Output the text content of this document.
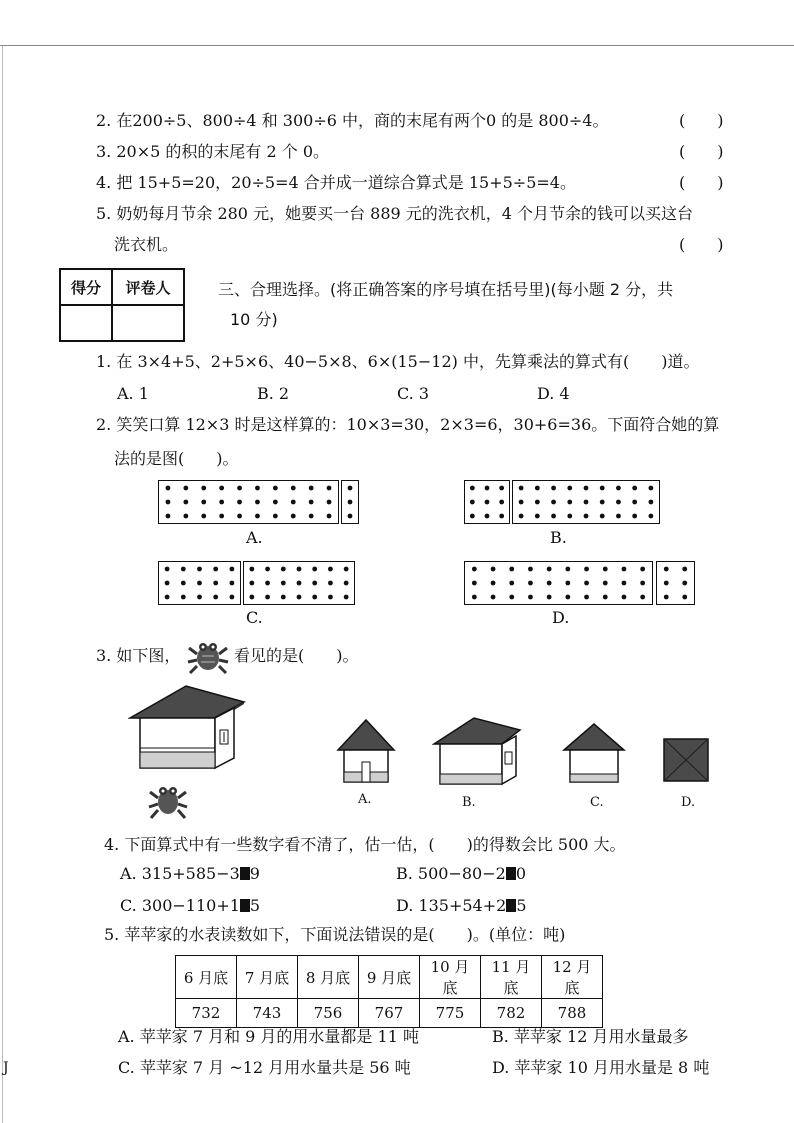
J
2. 在200÷5、800÷4 和 300÷6 中，商的末尾有两个0 的是 800÷4。	(　　)
3. 20×5 的积的末尾有 2 个 0。	(　　)
4. 把 15+5=20，20÷5=4 合并成一道综合算式是 15+5÷5=4。	(　　)
5. 奶奶每月节余 280 元，她要买一台 889 元的洗衣机，4 个月节余的钱可以买这台
洗衣机。	(　　)
得分	评卷人
		三、合理选择。(将正确答案的序号填在括号里)(每小题 2 分，共
10 分)
1. 在 3×4+5、2+5×6、40−5×8、6×(15−12) 中，先算乘法的算式有(　　)道。
A. 1	B. 2	C. 3	D. 4
2. 笑笑口算 12×3 时是这样算的：10×3=30，2×3=6，30+6=36。下面符合她的算
法的是图(　　)。
A.	B.
C.	D.
3. 如下图，	看见的是(　　)。
A.	B.	C.	D.
4. 下面算式中有一些数字看不清了，估一估，(　　)的得数会比 500 大。
A. 315+585−3 9	B. 500−80−2 0
C. 300−110+1 5	D. 135+54+2 5
5. 苹苹家的水表读数如下，下面说法错误的是(　　)。(单位：吨)
6 月底	7 月底	8 月底	9 月底	10 月底	11 月底	12 月底
732	743	756	767	775	782	788
A. 苹苹家 7 月和 9 月的用水量都是 11 吨	B. 苹苹家 12 月用水量最多
C. 苹苹家 7 月 ~12 月用水量共是 56 吨	D. 苹苹家 10 月用水量是 8 吨
